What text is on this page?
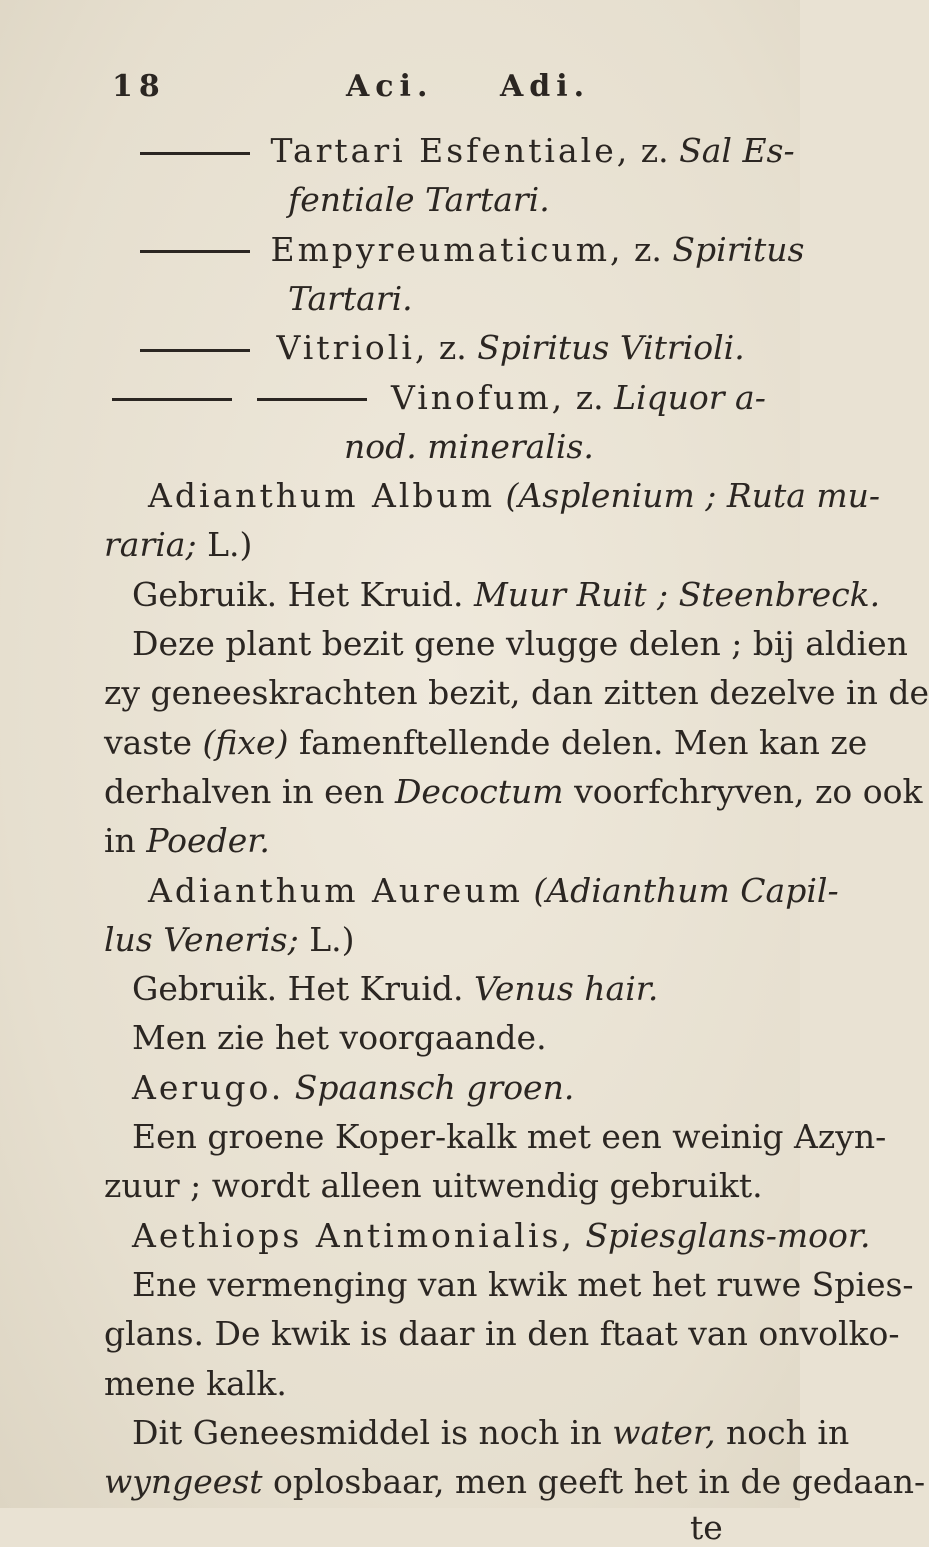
18	Aci. Adi.
Tartari Esfentiale, z. Sal Es-
fentiale Tartari.
Empyreumaticum, z. Spiritus
Tartari.
Vitrioli, z. Spiritus Vitrioli.
Vinofum, z. Liquor a-
nod. mineralis.
Adianthum Album (Asplenium ; Ruta mu-
raria; L.)
Gebruik. Het Kruid. Muur Ruit ; Steenbreck.
Deze plant bezit gene vlugge delen ; bij aldien
zy geneeskrachten bezit, dan zitten dezelve in de
vaste (fixe) famenftellende delen. Men kan ze
derhalven in een Decoctum voorfchryven, zo ook
in Poeder.
Adianthum Aureum (Adianthum Capil-
lus Veneris; L.)
Gebruik. Het Kruid. Venus hair.
Men zie het voorgaande.
Aerugo. Spaansch groen.
Een groene Koper-kalk met een weinig Azyn-
zuur ; wordt alleen uitwendig gebruikt.
Aethiops Antimonialis, Spiesglans-moor.
Ene vermenging van kwik met het ruwe Spies-
glans. De kwik is daar in den ftaat van onvolko-
mene kalk.
Dit Geneesmiddel is noch in water, noch in
wyngeest oplosbaar, men geeft het in de gedaan-
te
